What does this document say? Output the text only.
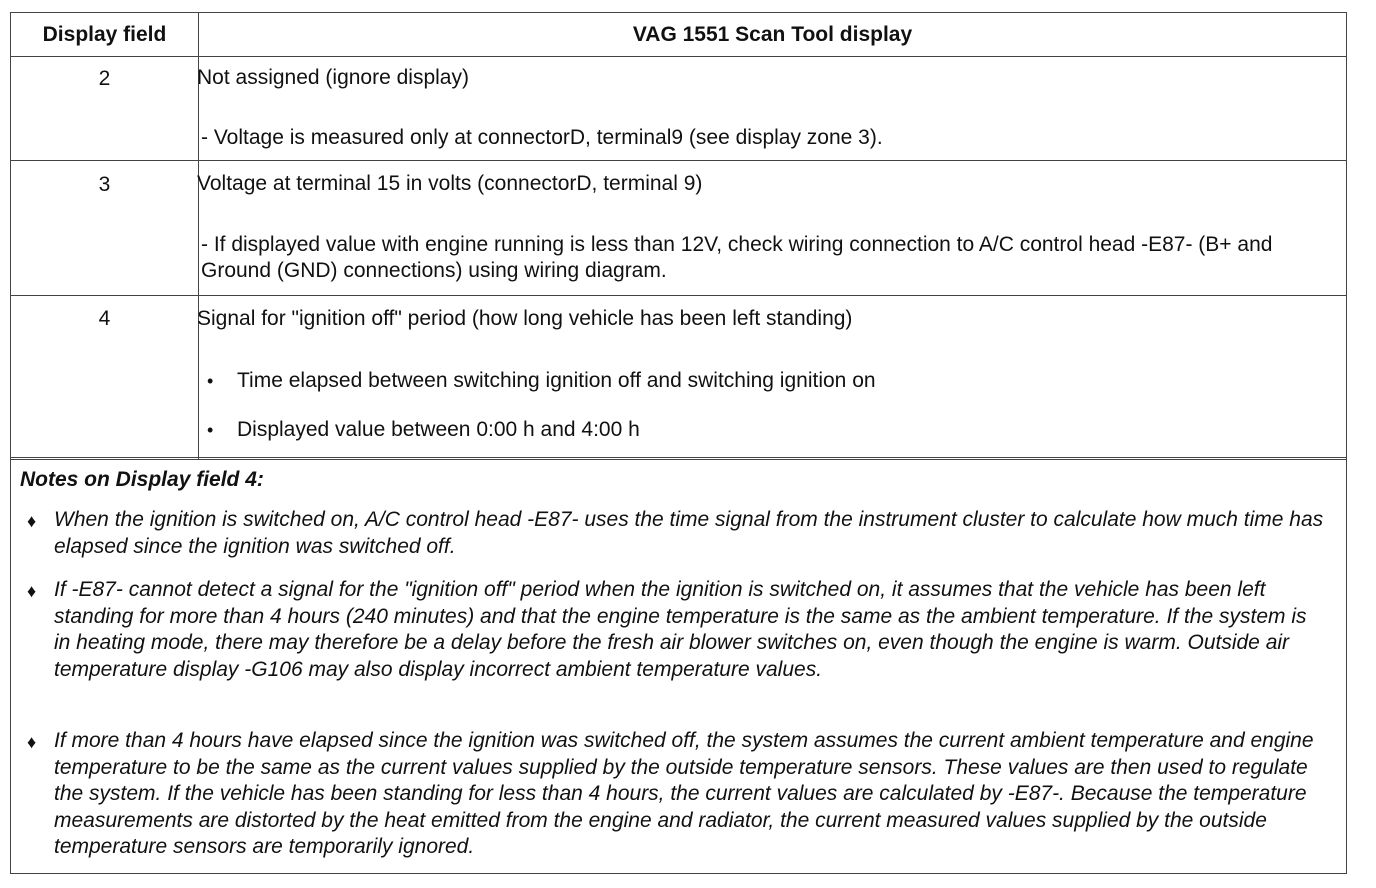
Display field	VAG 1551 Scan Tool display
2	Not assigned (ignore display)
- Voltage is measured only at connectorD, terminal9 (see display zone 3).
3	Voltage at terminal 15 in volts (connectorD, terminal 9)
- If displayed value with engine running is less than 12V, check wiring connection to A/C control head -E87- (B+ and Ground (GND) connections) using wiring diagram.
4	Signal for "ignition off" period (how long vehicle has been left standing)
• Time elapsed between switching ignition off and switching ignition on
• Displayed value between 0:00 h and 4:00 h
Notes on Display field 4:
♦ When the ignition is switched on, A/C control head -E87- uses the time signal from the instrument cluster to calculate how much time has elapsed since the ignition was switched off.
♦ If -E87- cannot detect a signal for the "ignition off" period when the ignition is switched on, it assumes that the vehicle has been left standing for more than 4 hours (240 minutes) and that the engine temperature is the same as the ambient temperature. If the system is in heating mode, there may therefore be a delay before the fresh air blower switches on, even though the engine is warm. Outside air temperature display -G106 may also display incorrect ambient temperature values.
♦ If more than 4 hours have elapsed since the ignition was switched off, the system assumes the current ambient temperature and engine temperature to be the same as the current values supplied by the outside temperature sensors. These values are then used to regulate the system. If the vehicle has been standing for less than 4 hours, the current values are calculated by -E87-. Because the temperature measurements are distorted by the heat emitted from the engine and radiator, the current measured values supplied by the outside temperature sensors are temporarily ignored.
